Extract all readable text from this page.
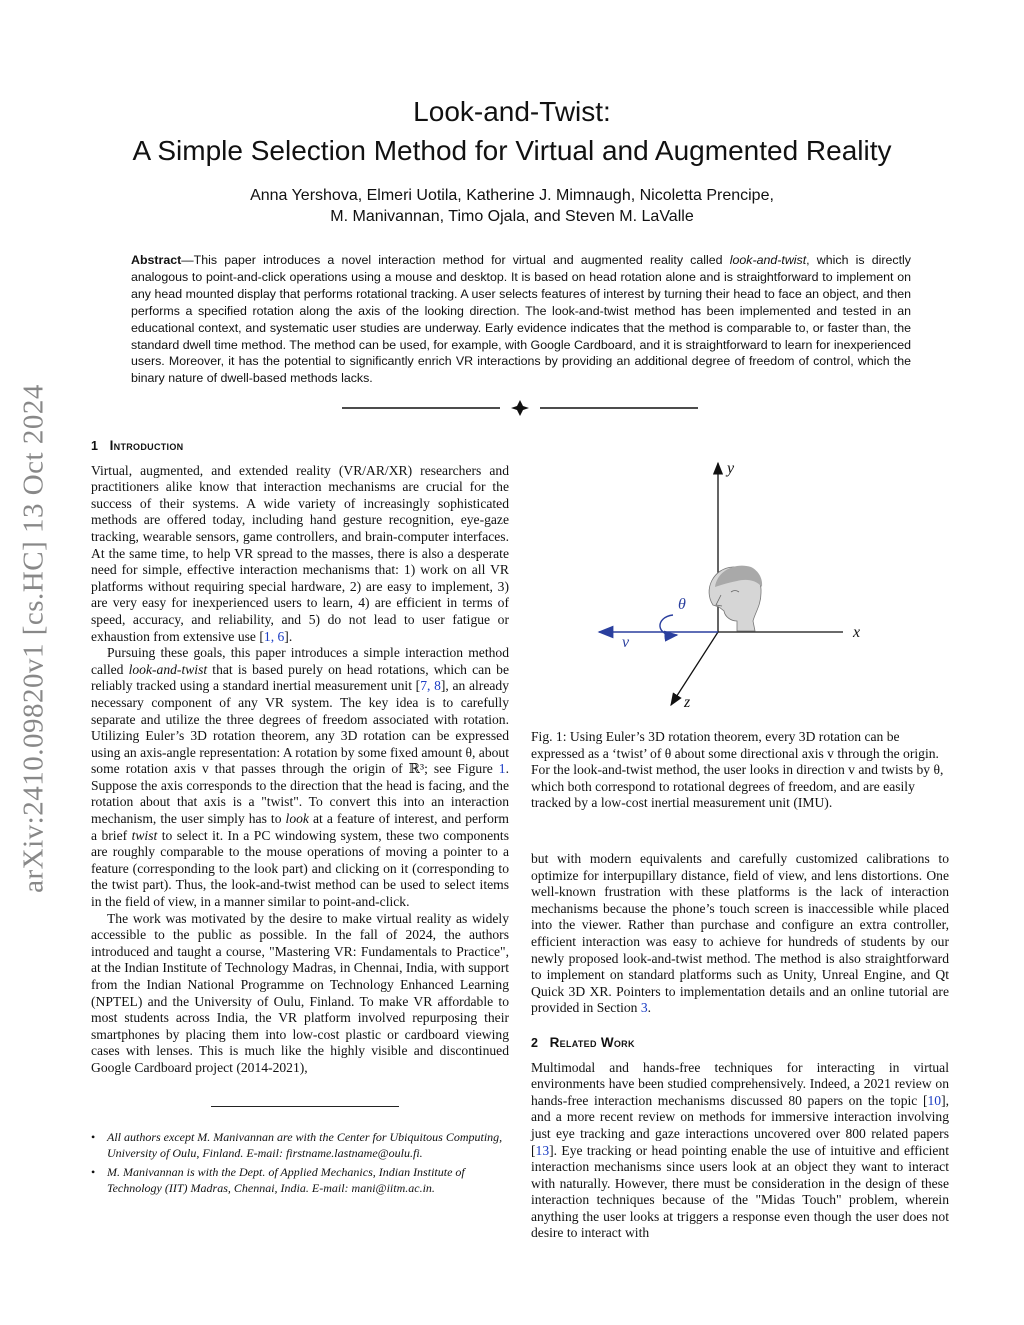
arXiv:2410.09820v1 [cs.HC] 13 Oct 2024
Look-and-Twist:
A Simple Selection Method for Virtual and Augmented Reality
Anna Yershova, Elmeri Uotila, Katherine J. Mimnaugh, Nicoletta Prencipe,
M. Manivannan, Timo Ojala, and Steven M. LaValle
Abstract—This paper introduces a novel interaction method for virtual and augmented reality called look-and-twist, which is directly analogous to point-and-click operations using a mouse and desktop. It is based on head rotation alone and is straightforward to implement on any head mounted display that performs rotational tracking. A user selects features of interest by turning their head to face an object, and then performs a specified rotation along the axis of the looking direction. The look-and-twist method has been implemented and tested in an educational context, and systematic user studies are underway. Early evidence indicates that the method is comparable to, or faster than, the standard dwell time method. The method can be used, for example, with Google Cardboard, and it is straightforward to learn for inexperienced users. Moreover, it has the potential to significantly enrich VR interactions by providing an additional degree of freedom of control, which the binary nature of dwell-based methods lacks.
1 Introduction

Virtual, augmented, and extended reality (VR/AR/XR) researchers and practitioners alike know that interaction mechanisms are crucial for the success of their systems. A wide variety of increasingly sophisticated methods are offered today, including hand gesture recognition, eye-gaze tracking, wearable sensors, game controllers, and brain-computer interfaces. At the same time, to help VR spread to the masses, there is also a desperate need for simple, effective interaction mechanisms that: 1) work on all VR platforms without requiring special hardware, 2) are easy to implement, 3) are very easy for inexperienced users to learn, 4) are efficient in terms of speed, accuracy, and reliability, and 5) do not lead to user fatigue or exhaustion from extensive use [1, 6].

Pursuing these goals, this paper introduces a simple interaction method called look-and-twist that is based purely on head rotations, which can be reliably tracked using a standard inertial measurement unit [7, 8], an already necessary component of any VR system. The key idea is to carefully separate and utilize the three degrees of freedom associated with rotation. Utilizing Euler’s 3D rotation theorem, any 3D rotation can be expressed using an axis-angle representation: A rotation by some fixed amount θ, about some rotation axis v that passes through the origin of ℝ³; see Figure 1. Suppose the axis corresponds to the direction that the head is facing, and the rotation about that axis is a "twist". To convert this into an interaction mechanism, the user simply has to look at a feature of interest, and perform a brief twist to select it. In a PC windowing system, these two components are roughly comparable to the mouse operations of moving a pointer to a feature (corresponding to the look part) and clicking on it (corresponding to the twist part). Thus, the look-and-twist method can be used to select items in the field of view, in a manner similar to point-and-click.

The work was motivated by the desire to make virtual reality as widely accessible to the public as possible. In the fall of 2024, the authors introduced and taught a course, "Mastering VR: Fundamentals to Practice", at the Indian Institute of Technology Madras, in Chennai, India, with support from the Indian National Programme on Technology Enhanced Learning (NPTEL) and the University of Oulu, Finland. To make VR affordable to most students across India, the VR platform involved repurposing their smartphones by placing them into low-cost plastic or cardboard viewing cases with lenses. This is much like the highly visible and discontinued Google Cardboard project (2014-2021),

• All authors except M. Manivannan are with the Center for Ubiquitous Computing, University of Oulu, Finland. E-mail: firstname.lastname@oulu.fi.
• M. Manivannan is with the Dept. of Applied Mechanics, Indian Institute of Technology (IIT) Madras, Chennai, India. E-mail: mani@iitm.ac.in.
y
x
z
v
θ
Fig. 1: Using Euler’s 3D rotation theorem, every 3D rotation can be expressed as a ‘twist’ of θ about some directional axis v through the origin. For the look-and-twist method, the user looks in direction v and twists by θ, which both correspond to rotational degrees of freedom, and are easily tracked by a low-cost inertial measurement unit (IMU).

but with modern equivalents and carefully customized calibrations to optimize for interpupillary distance, field of view, and lens distortions. One well-known frustration with these platforms is the lack of interaction mechanisms because the phone’s touch screen is inaccessible while placed into the viewer. Rather than purchase and configure an extra controller, efficient interaction was easy to achieve for hundreds of students by our newly proposed look-and-twist method. The method is also straightforward to implement on standard platforms such as Unity, Unreal Engine, and Qt Quick 3D XR. Pointers to implementation details and an online tutorial are provided in Section 3.

2 Related Work

Multimodal and hands-free techniques for interacting in virtual environments have been studied comprehensively. Indeed, a 2021 review on hands-free interaction mechanisms discussed 80 papers on the topic [10], and a more recent review on methods for immersive interaction involving just eye tracking and gaze interactions uncovered over 800 related papers [13]. Eye tracking or head pointing enable the use of intuitive and efficient interaction mechanisms since users look at an object they want to interact with naturally. However, there must be consideration in the design of these interaction techniques because of the "Midas Touch" problem, wherein anything the user looks at triggers a response even though the user does not desire to interact with
